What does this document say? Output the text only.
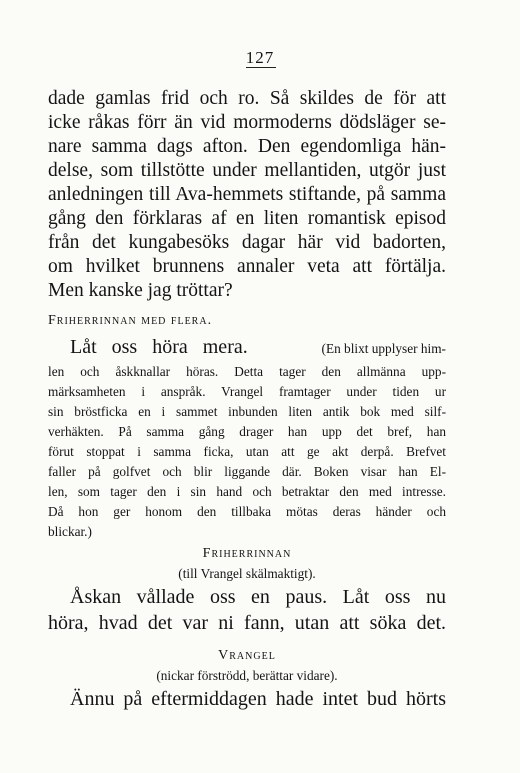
127
dade gamlas frid och ro. Så skildes de för att
icke råkas förr än vid mormoderns dödsläger se-
nare samma dags afton. Den egendomliga hän-
delse, som tillstötte under mellantiden, utgör just
anledningen till Ava-hemmets stiftande, på samma
gång den förklaras af en liten romantisk episod
från det kungabesöks dagar här vid badorten,
om hvilket brunnens annaler veta att förtälja.
Men kanske jag tröttar?
Friherrinnan med flera.
Låt oss höra mera.	(En blixt upplyser him-
len och åskknallar höras. Detta tager den allmänna upp-
märksamheten i anspråk. Vrangel framtager under tiden ur
sin bröstficka en i sammet inbunden liten antik bok med silf-
verhäkten. På samma gång drager han upp det bref, han
förut stoppat i samma ficka, utan att ge akt derpå. Brefvet
faller på golfvet och blir liggande där. Boken visar han El-
len, som tager den i sin hand och betraktar den med intresse.
Då hon ger honom den tillbaka mötas deras händer och
blickar.)
Friherrinnan
(till Vrangel skälmaktigt).
Åskan vållade oss en paus. Låt oss nu
höra, hvad det var ni fann, utan att söka det.
Vrangel
(nickar förströdd, berättar vidare).
Ännu på eftermiddagen hade intet bud hörts
